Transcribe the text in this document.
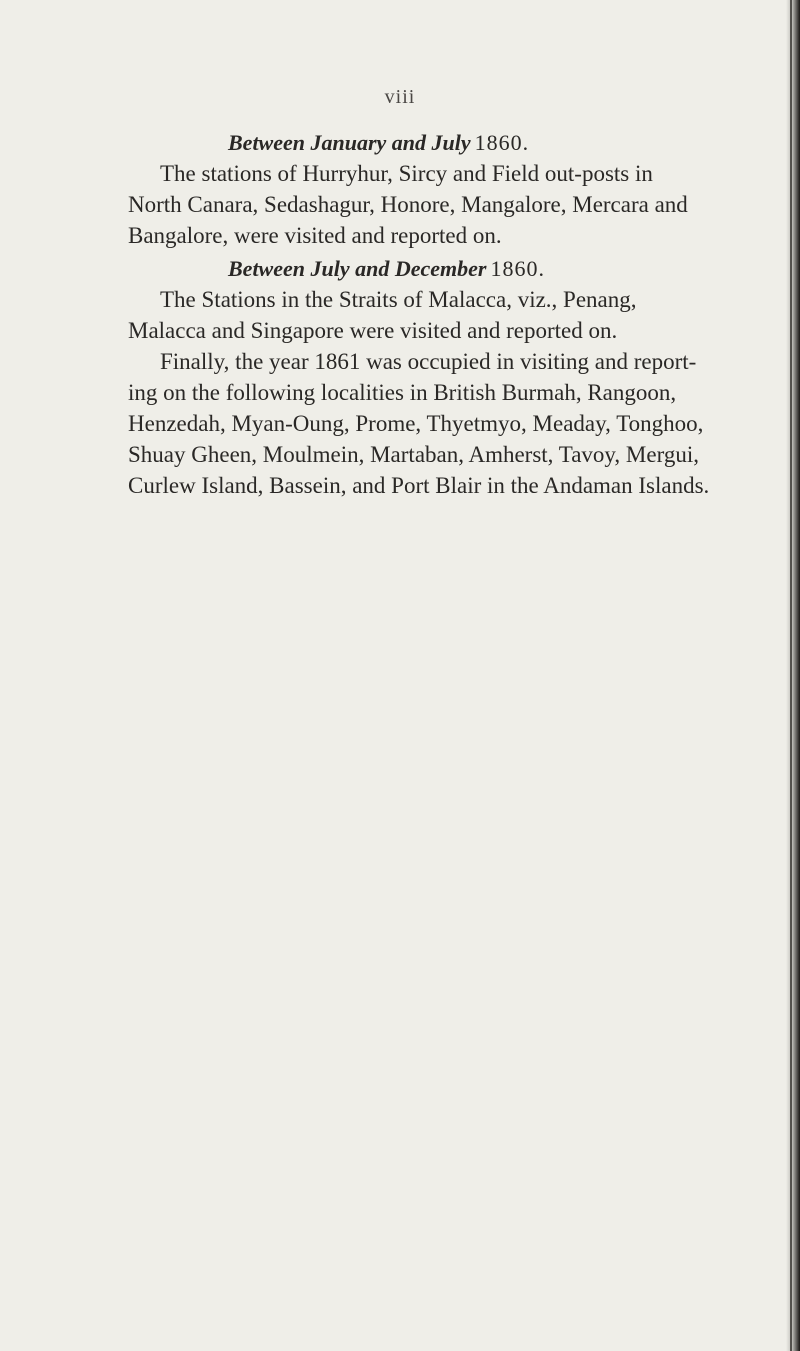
viii
Between January and July 1860.

The stations of Hurryhur, Sircy and Field out-posts in
North Canara, Sedashagur, Honore, Mangalore, Mercara and
Bangalore, were visited and reported on.

Between July and December 1860.

The Stations in the Straits of Malacca, viz., Penang,
Malacca and Singapore were visited and reported on.

Finally, the year 1861 was occupied in visiting and report-
ing on the following localities in British Burmah, Rangoon,
Henzedah, Myan-Oung, Prome, Thyetmyo, Meaday, Tonghoo,
Shuay Gheen, Moulmein, Martaban, Amherst, Tavoy, Mergui,
Curlew Island, Bassein, and Port Blair in the Andaman Islands.
